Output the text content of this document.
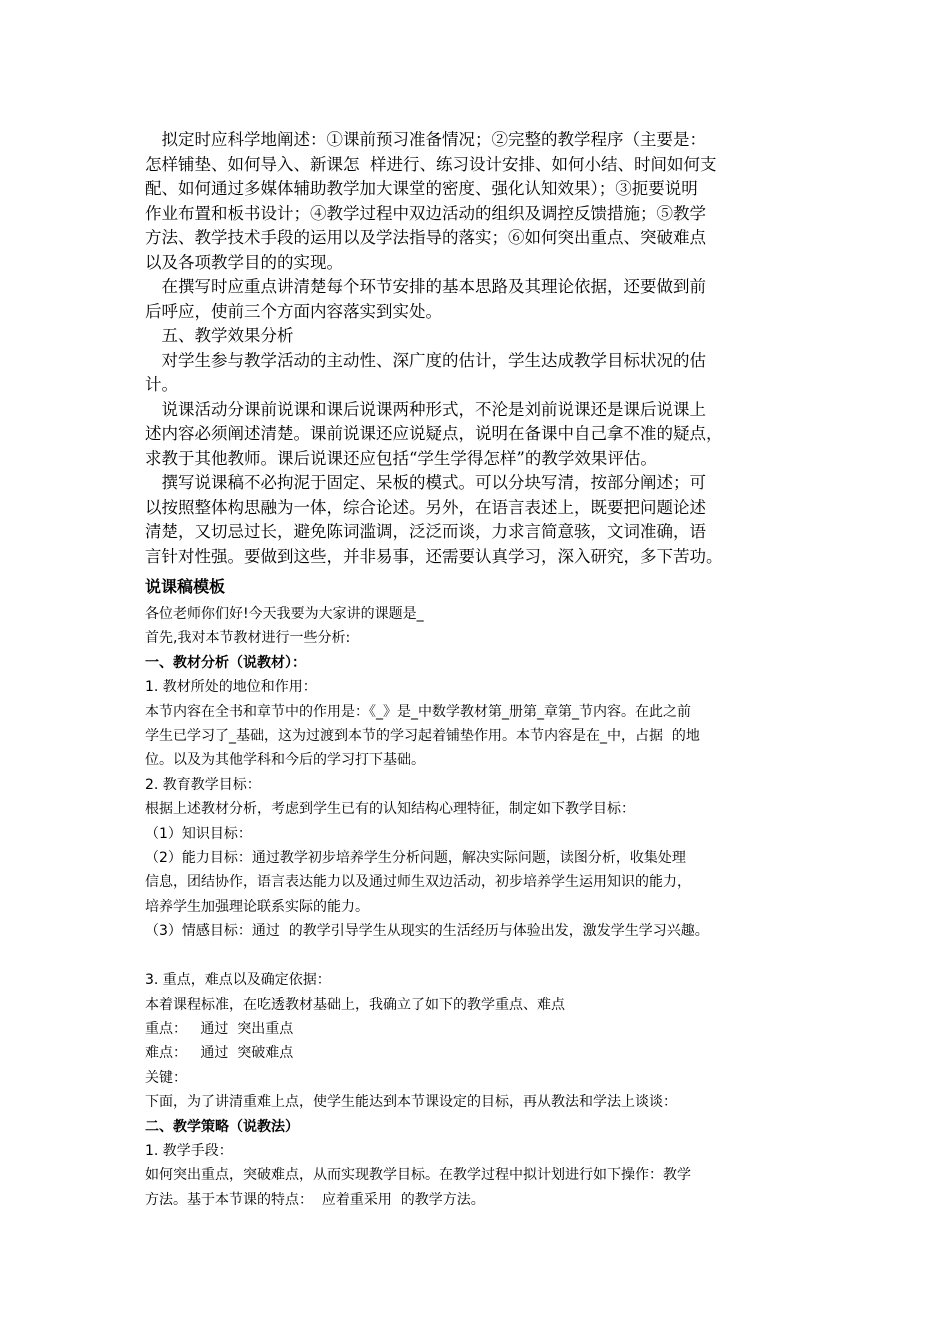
　拟定时应科学地阐述：①课前预习准备情况；②完整的教学程序（主要是：

怎样铺垫、如何导入、新课怎  样进行、练习设计安排、如何小结、时间如何支

配、如何通过多媒体辅助教学加大课堂的密度、强化认知效果）；③扼要说明

作业布置和板书设计；④教学过程中双边活动的组织及调控反馈措施；⑤教学

方法、教学技术手段的运用以及学法指导的落实；⑥如何突出重点、突破难点

以及各项教学目的的实现。

　在撰写时应重点讲清楚每个环节安排的基本思路及其理论依据，还要做到前

后呼应，使前三个方面内容落实到实处。

　五、教学效果分析

　对学生参与教学活动的主动性、深广度的估计，学生达成教学目标状况的估

计。

　说课活动分课前说课和课后说课两种形式，不沦是刘前说课还是课后说课上

述内容必须阐述清楚。课前说课还应说疑点，说明在备课中自己拿不准的疑点，

求教于其他教师。课后说课还应包括“学生学得怎样”的教学效果评估。

　撰写说课稿不必拘泥于固定、呆板的模式。可以分块写清，按部分阐述；可

以按照整体构思融为一体，综合论述。另外，在语言表述上，既要把问题论述

清楚，又切忌过长，避免陈词滥调，泛泛而谈，力求言简意骇，文词准确，语

言针对性强。要做到这些，并非易事，还需要认真学习，深入研究，多下苦功。

说课稿模板

各位老师你们好!今天我要为大家讲的课题是_

首先,我对本节教材进行一些分析:

一、教材分析（说教材）：

1. 教材所处的地位和作用：

本节内容在全书和章节中的作用是：《_》是_中数学教材第_册第_章第_节内容。在此之前

学生已学习了_基础，这为过渡到本节的学习起着铺垫作用。本节内容是在_中，占据  的地

位。以及为其他学科和今后的学习打下基础。

2. 教育教学目标：

根据上述教材分析，考虑到学生已有的认知结构心理特征，制定如下教学目标：

（1）知识目标：

（2）能力目标：通过教学初步培养学生分析问题，解决实际问题，读图分析，收集处理

信息，团结协作，语言表达能力以及通过师生双边活动，初步培养学生运用知识的能力，

培养学生加强理论联系实际的能力。

（3）情感目标：通过  的教学引导学生从现实的生活经历与体验出发，激发学生学习兴趣。

3. 重点，难点以及确定依据：

本着课程标准，在吃透教材基础上，我确立了如下的教学重点、难点

重点：   通过  突出重点

难点：   通过  突破难点

关键：

下面，为了讲清重难上点，使学生能达到本节课设定的目标，再从教法和学法上谈谈：

二、教学策略（说教法）

1. 教学手段：

如何突出重点，突破难点，从而实现教学目标。在教学过程中拟计划进行如下操作：教学

方法。基于本节课的特点：  应着重采用  的教学方法。
